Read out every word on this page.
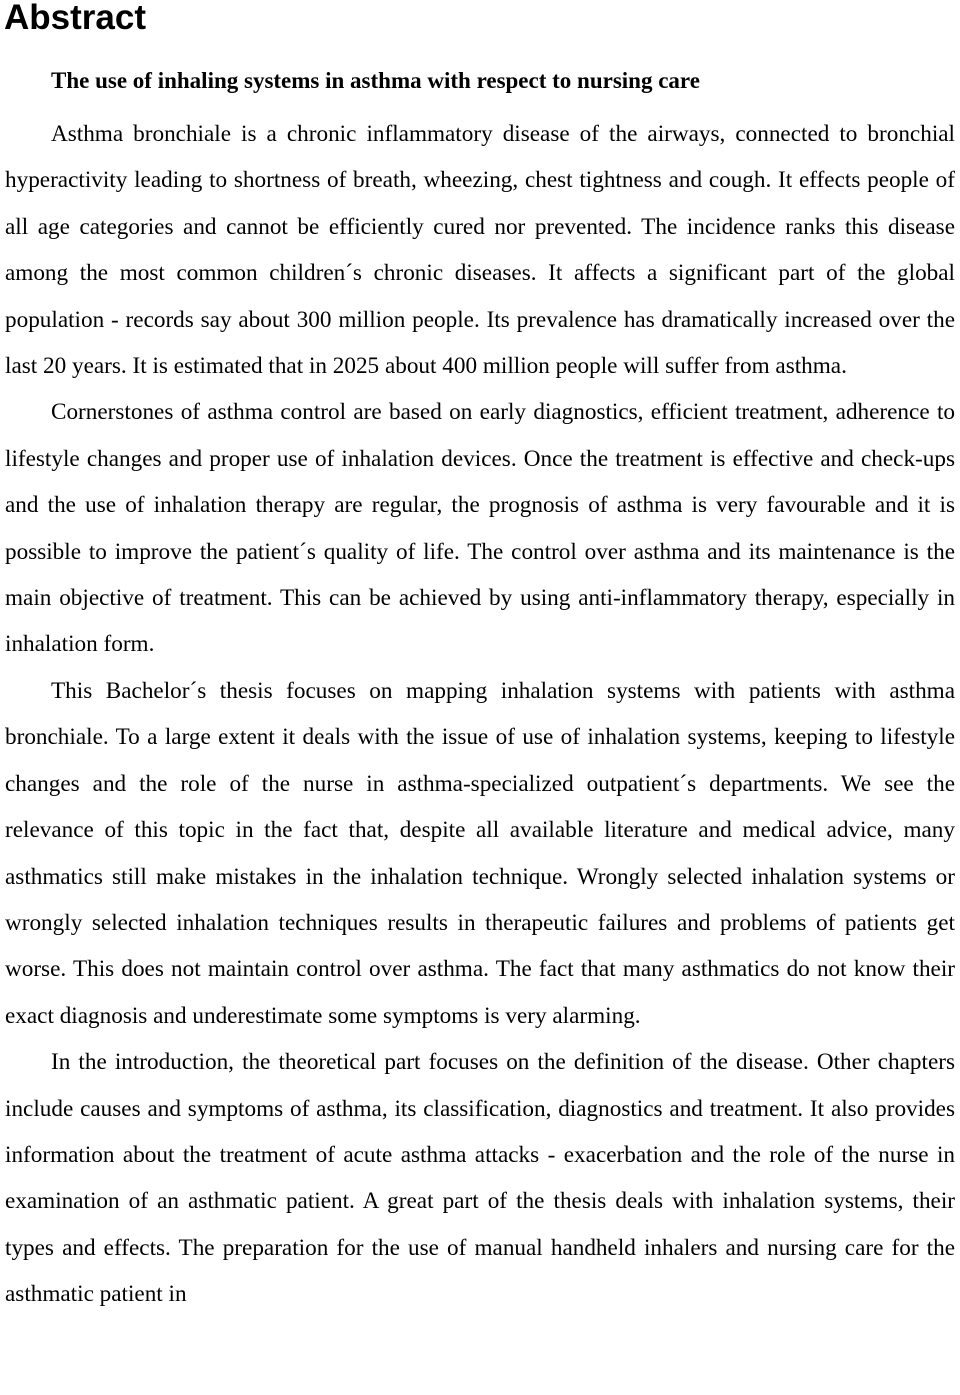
Abstract
The use of inhaling systems in asthma with respect to nursing care

Asthma bronchiale is a chronic inflammatory disease of the airways, connected to bronchial hyperactivity leading to shortness of breath, wheezing, chest tightness and cough. It effects people of all age categories and cannot be efficiently cured nor prevented. The incidence ranks this disease among the most common children´s chronic diseases. It affects a significant part of the global population - records say about 300 million people. Its prevalence has dramatically increased over the last 20 years. It is estimated that in 2025 about 400 million people will suffer from asthma.

Cornerstones of asthma control are based on early diagnostics, efficient treatment, adherence to lifestyle changes and proper use of inhalation devices. Once the treatment is effective and check-ups and the use of inhalation therapy are regular, the prognosis of asthma is very favourable and it is possible to improve the patient´s quality of life. The control over asthma and its maintenance is the main objective of treatment. This can be achieved by using anti-inflammatory therapy, especially in inhalation form.

This Bachelor´s thesis focuses on mapping inhalation systems with patients with asthma bronchiale. To a large extent it deals with the issue of use of inhalation systems, keeping to lifestyle changes and the role of the nurse in asthma-specialized outpatient´s departments. We see the relevance of this topic in the fact that, despite all available literature and medical advice, many asthmatics still make mistakes in the inhalation technique. Wrongly selected inhalation systems or wrongly selected inhalation techniques results in therapeutic failures and problems of patients get worse. This does not maintain control over asthma. The fact that many asthmatics do not know their exact diagnosis and underestimate some symptoms is very alarming.

In the introduction, the theoretical part focuses on the definition of the disease. Other chapters include causes and symptoms of asthma, its classification, diagnostics and treatment. It also provides information about the treatment of acute asthma attacks - exacerbation and the role of the nurse in examination of an asthmatic patient. A great part of the thesis deals with inhalation systems, their types and effects. The preparation for the use of manual handheld inhalers and nursing care for the asthmatic patient in
